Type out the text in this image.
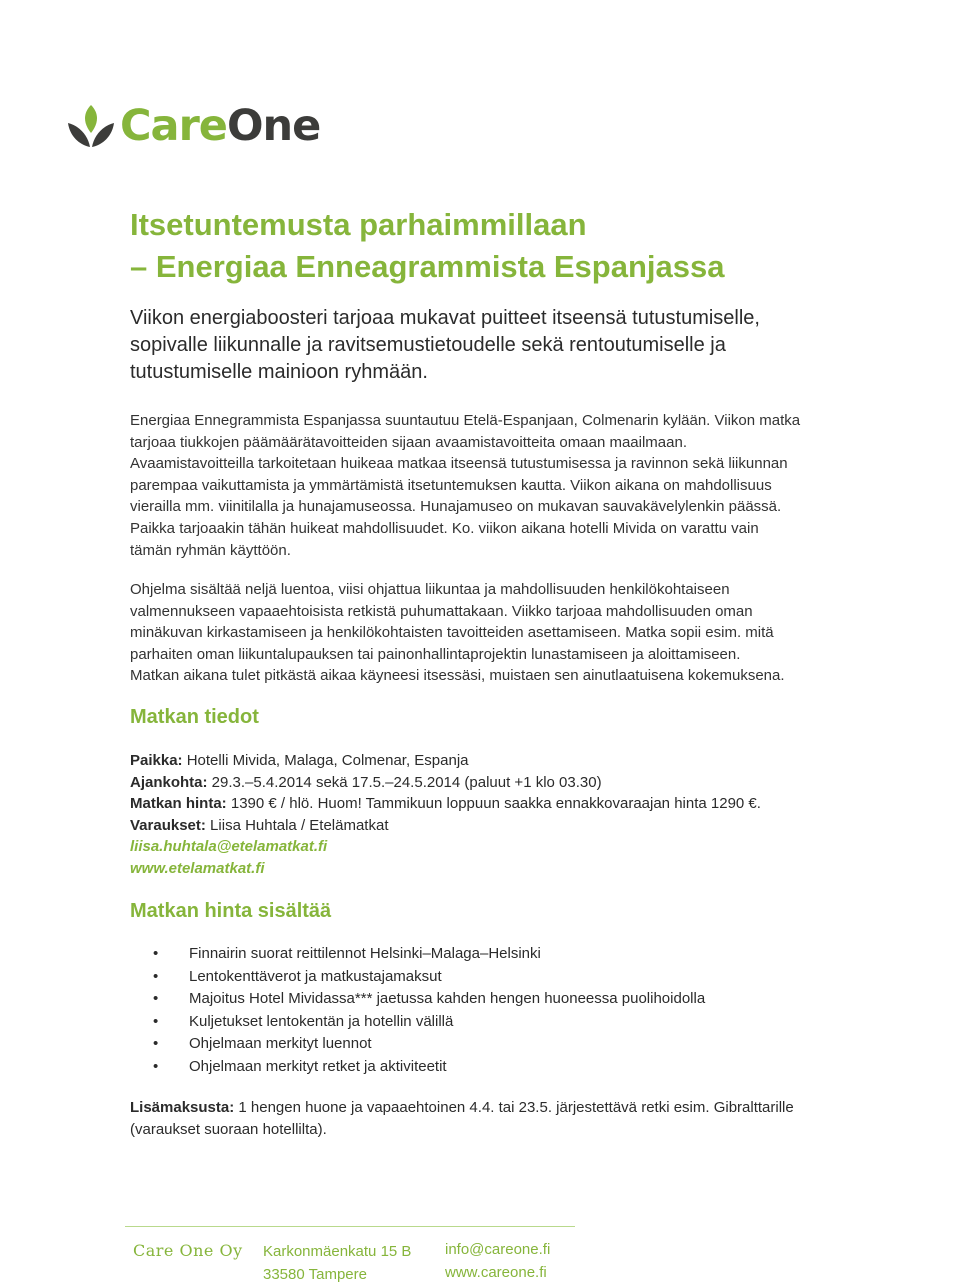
CareOne
Itsetuntemusta parhaimmillaan
– Energiaa Enneagrammista Espanjassa
Viikon energiaboosteri tarjoaa mukavat puitteet itseensä tutustumiselle,
sopivalle liikunnalle ja ravitsemustietoudelle sekä rentoutumiselle ja
tutustumiselle mainioon ryhmään.
Energiaa Ennegrammista Espanjassa suuntautuu Etelä-Espanjaan, Colmenarin kylään. Viikon matka
tarjoaa tiukkojen päämäärätavoitteiden sijaan avaamistavoitteita omaan maailmaan.
Avaamistavoitteilla tarkoitetaan huikeaa matkaa itseensä tutustumisessa ja ravinnon sekä liikunnan
parempaa vaikuttamista ja ymmärtämistä itsetuntemuksen kautta. Viikon aikana on mahdollisuus
vierailla mm. viinitilalla ja hunajamuseossa. Hunajamuseo on mukavan sauvakävelylenkin päässä.
Paikka tarjoaakin tähän huikeat mahdollisuudet. Ko. viikon aikana hotelli Mivida on varattu vain
tämän ryhmän käyttöön.
Ohjelma sisältää neljä luentoa, viisi ohjattua liikuntaa ja mahdollisuuden henkilökohtaiseen
valmennukseen vapaaehtoisista retkistä puhumattakaan. Viikko tarjoaa mahdollisuuden oman
minäkuvan kirkastamiseen ja henkilökohtaisten tavoitteiden asettamiseen. Matka sopii esim. mitä
parhaiten oman liikuntalupauksen tai painonhallintaprojektin lunastamiseen ja aloittamiseen.
Matkan aikana tulet pitkästä aikaa käyneesi itsessäsi, muistaen sen ainutlaatuisena kokemuksena.
Matkan tiedot
Paikka: Hotelli Mivida, Malaga, Colmenar, Espanja
Ajankohta: 29.3.–5.4.2014 sekä 17.5.–24.5.2014 (paluut +1 klo 03.30)
Matkan hinta: 1390 € / hlö. Huom! Tammikuun loppuun saakka ennakkovaraajan hinta 1290 €.
Varaukset: Liisa Huhtala / Etelämatkat
liisa.huhtala@etelamatkat.fi
www.etelamatkat.fi
Matkan hinta sisältää
• Finnairin suorat reittilennot Helsinki–Malaga–Helsinki
• Lentokenttäverot ja matkustajamaksut
• Majoitus Hotel Mividassa*** jaetussa kahden hengen huoneessa puolihoidolla
• Kuljetukset lentokentän ja hotellin välillä
• Ohjelmaan merkityt luennot
• Ohjelmaan merkityt retket ja aktiviteetit
Lisämaksusta: 1 hengen huone ja vapaaehtoinen 4.4. tai 23.5. järjestettävä retki esim. Gibralttarille
(varaukset suoraan hotellilta).
Care One Oy Karkonmäenkatu 15 B
33580 Tampere
info@careone.fi
www.careone.fi
